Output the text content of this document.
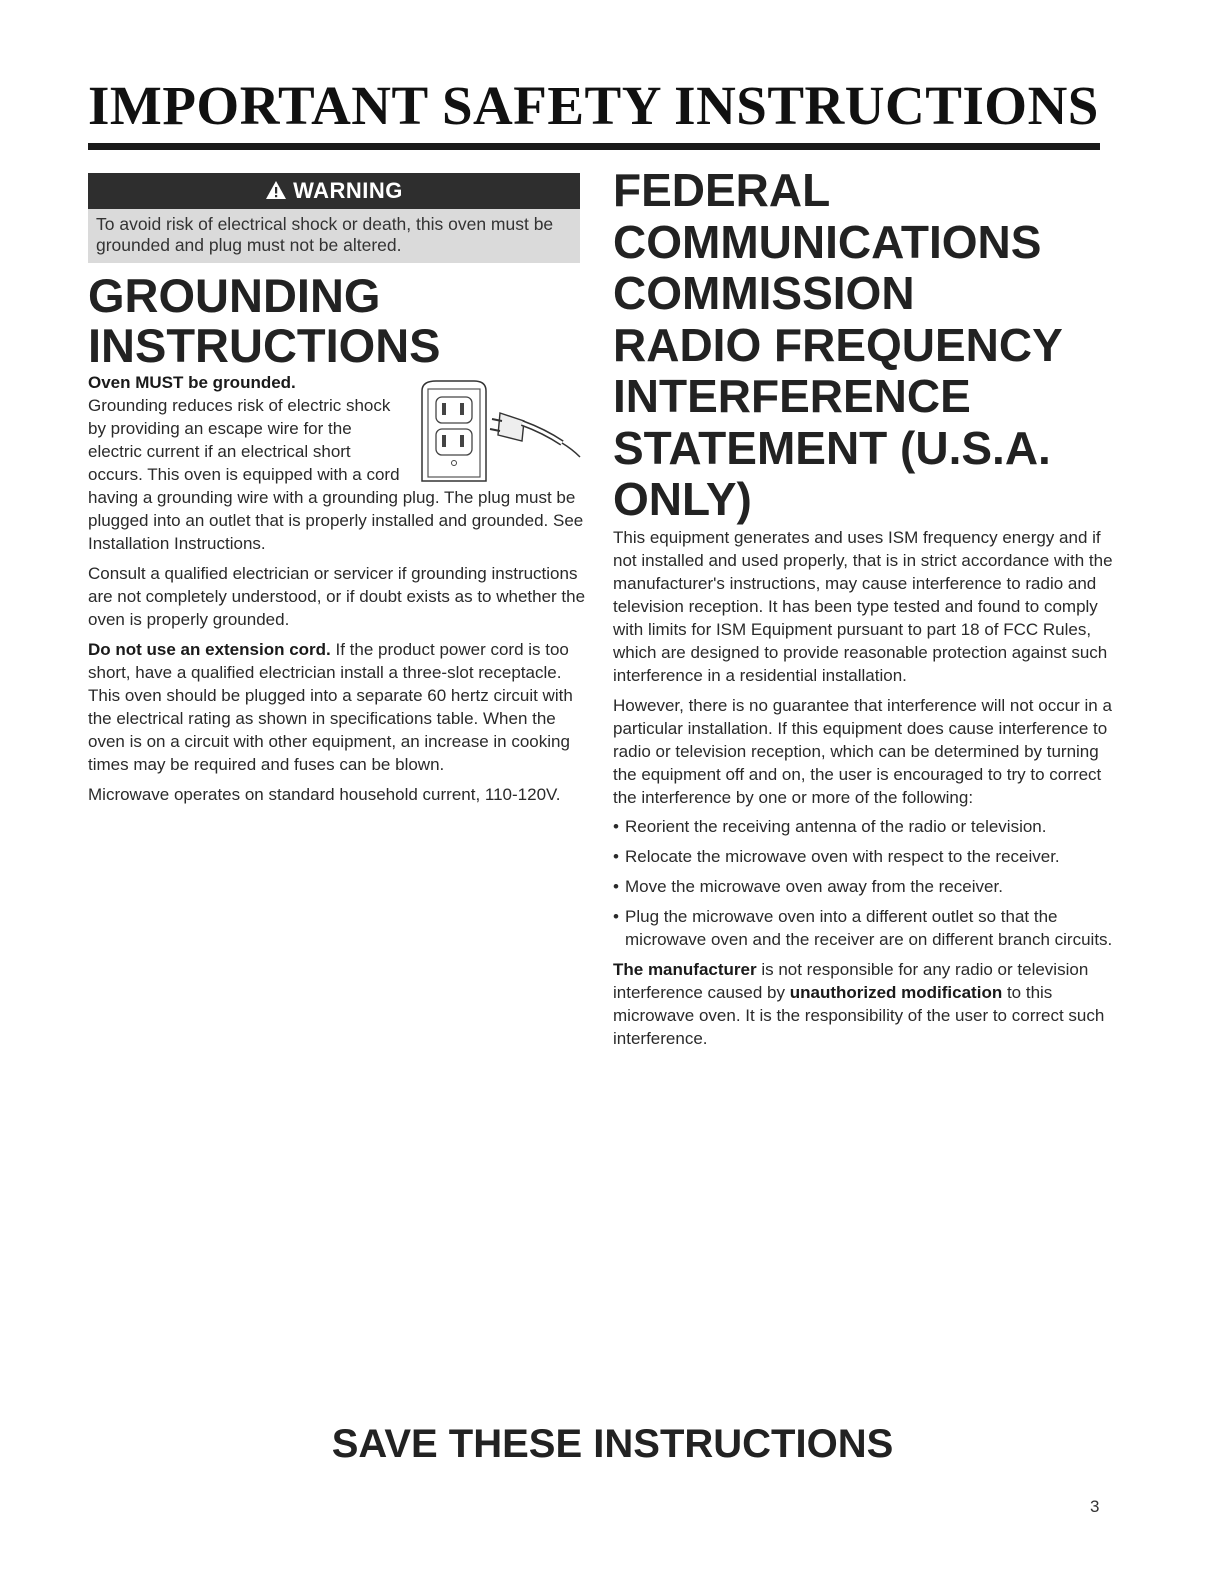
IMPORTANT SAFETY INSTRUCTIONS
WARNING
To avoid risk of electrical shock or death, this oven must be grounded and plug must not be altered.
GROUNDING
INSTRUCTIONS

Oven MUST be grounded.

Grounding reduces risk of electric shock by providing an escape wire for the electric current if an electrical short occurs. This oven is equipped with a cord having a grounding wire with a grounding plug. The plug must be plugged into an outlet that is properly installed and grounded. See Installation Instructions.

Consult a qualified electrician or servicer if grounding instructions are not completely understood, or if doubt exists as to whether the oven is properly grounded.

Do not use an extension cord. If the product power cord is too short, have a qualified electrician install a three-slot receptacle. This oven should be plugged into a separate 60 hertz circuit with the electrical rating as shown in specifications table. When the oven is on a circuit with other equipment, an increase in cooking times may be required and fuses can be blown.

Microwave operates on standard household current, 110-120V.

FEDERAL
COMMUNICATIONS
COMMISSION
RADIO FREQUENCY
INTERFERENCE
STATEMENT (U.S.A.
ONLY)

This equipment generates and uses ISM frequency energy and if not installed and used properly, that is in strict accordance with the manufacturer's instructions, may cause interference to radio and television reception. It has been type tested and found to comply with limits for ISM Equipment pursuant to part 18 of FCC Rules, which are designed to provide reasonable protection against such interference in a residential installation.

However, there is no guarantee that interference will not occur in a particular installation. If this equipment does cause interference to radio or television reception, which can be determined by turning the equipment off and on, the user is encouraged to try to correct the interference by one or more of the following:

• Reorient the receiving antenna of the radio or television.
• Relocate the microwave oven with respect to the receiver.
• Move the microwave oven away from the receiver.
• Plug the microwave oven into a different outlet so that the microwave oven and the receiver are on different branch circuits.

The manufacturer is not responsible for any radio or television interference caused by unauthorized modification to this microwave oven. It is the responsibility of the user to correct such interference.

SAVE THESE INSTRUCTIONS
3
